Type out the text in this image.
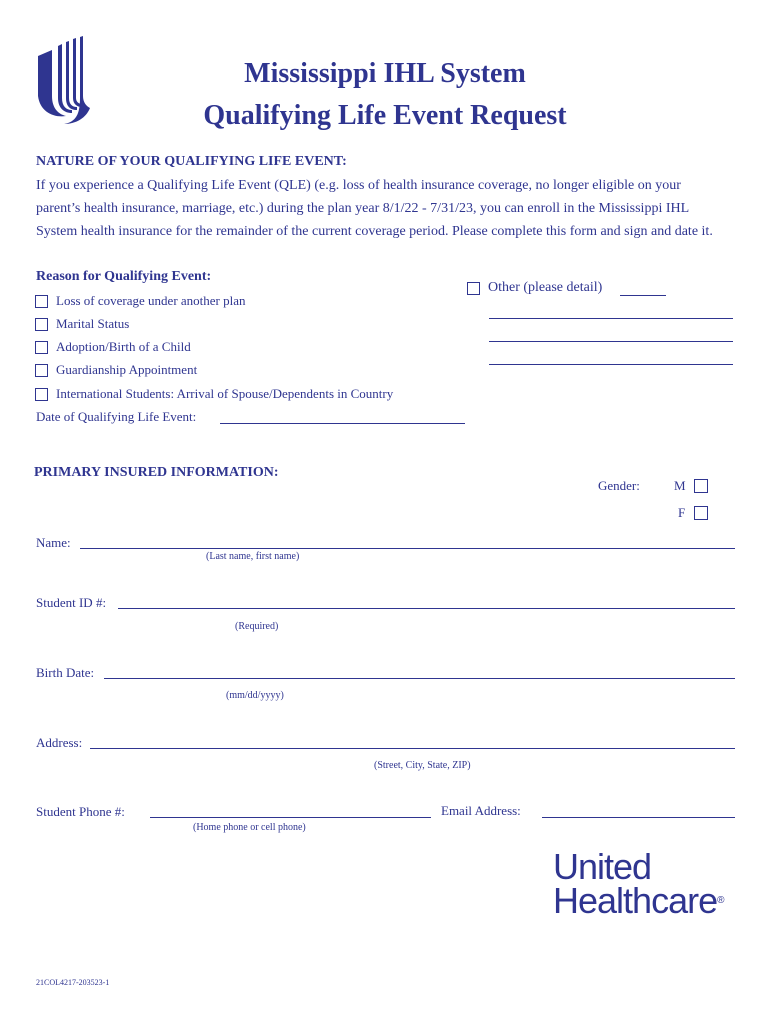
Mississippi IHL System
Qualifying Life Event Request
NATURE OF YOUR QUALIFYING LIFE EVENT:
If you experience a Qualifying Life Event (QLE) (e.g. loss of health insurance coverage, no longer eligible on your
parent’s health insurance, marriage, etc.) during the plan year 8/1/22 - 7/31/23, you can enroll in the Mississippi IHL
System health insurance for the remainder of the current coverage period. Please complete this form and sign and date it.
Reason for Qualifying Event:
Loss of coverage under another plan
Marital Status
Adoption/Birth of a Child
Guardianship Appointment
International Students: Arrival of Spouse/Dependents in Country
Date of Qualifying Life Event:
Other (please detail)
PRIMARY INSURED INFORMATION:
Gender:	M
F
Name:
(Last name, first name)
Student ID #:
(Required)
Birth Date:
(mm/dd/yyyy)
Address:
(Street, City, State, ZIP)
Student Phone #:
(Home phone or cell phone)
Email Address:
United
Healthcare®
21COL4217-203523-1
